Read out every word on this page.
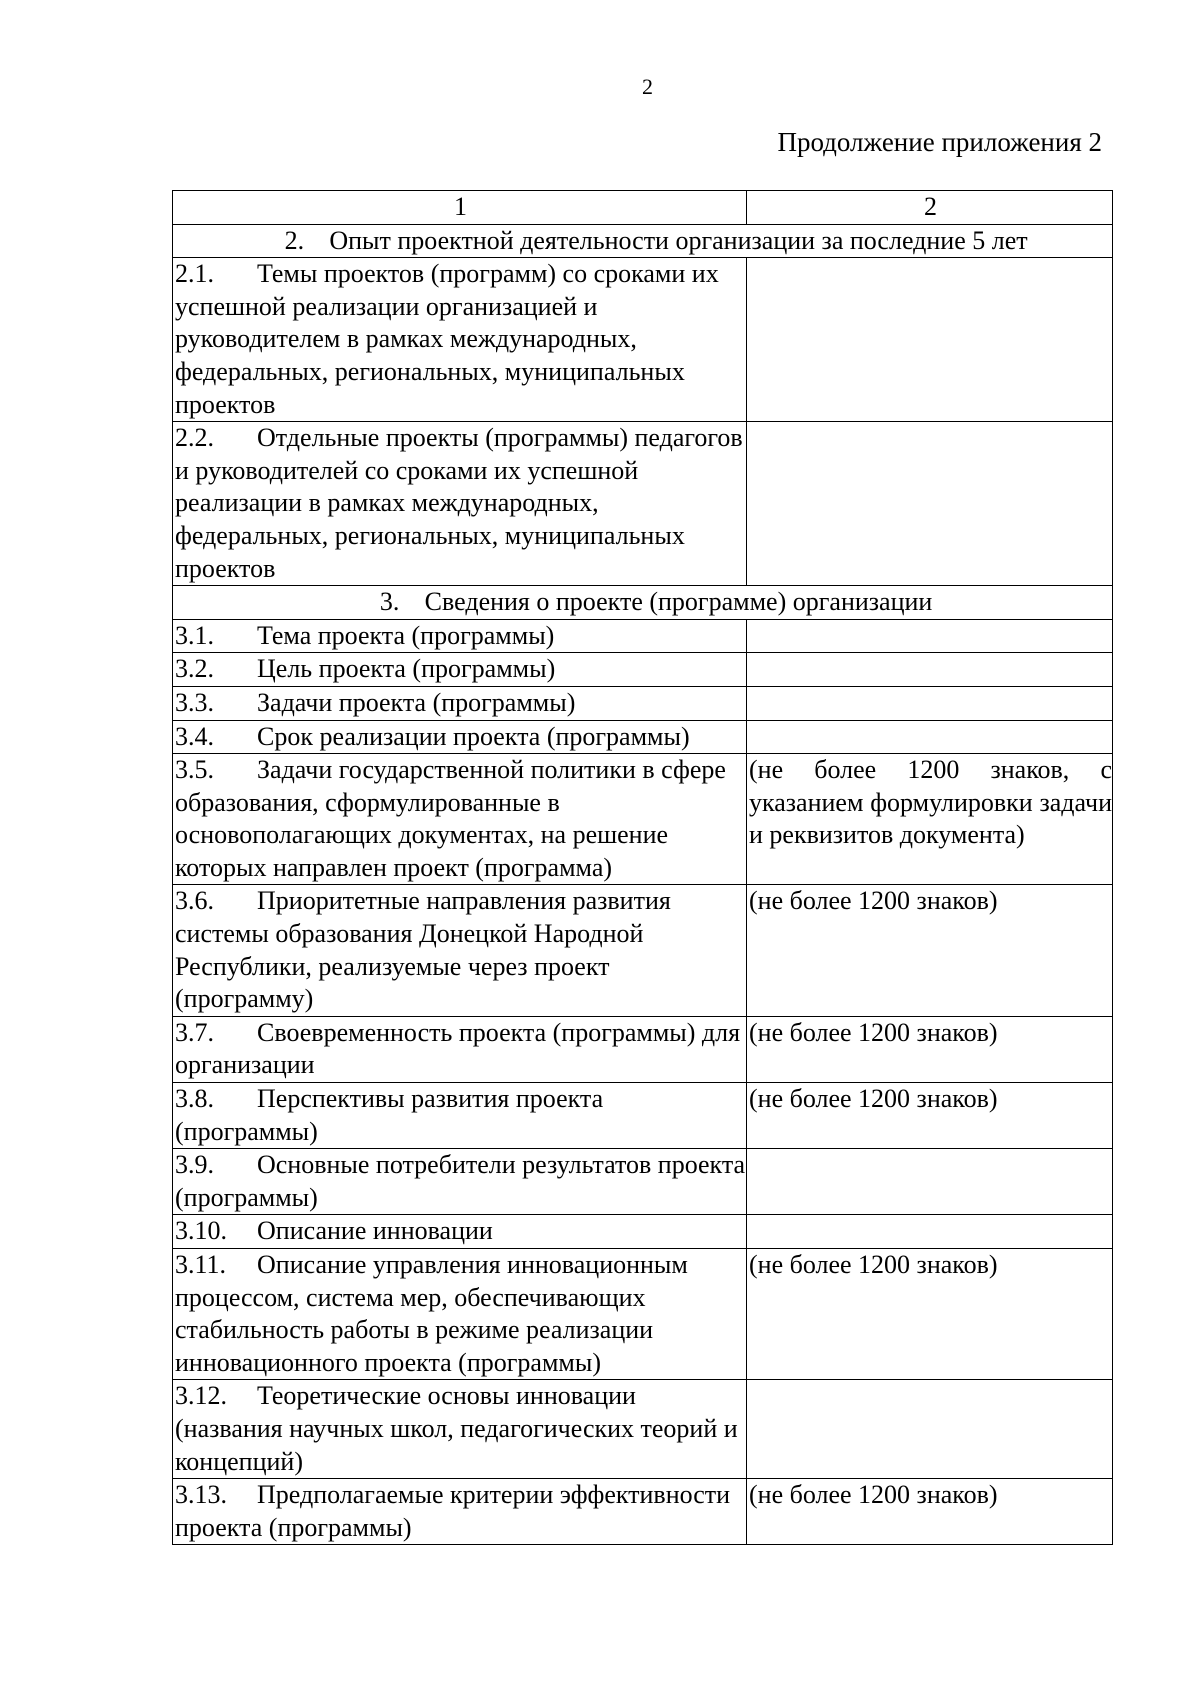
2
Продолжение приложения 2
1	2
2. Опыт проектной деятельности организации за последние 5 лет	
2.1. Темы проектов (программ) со сроками их успешной реализации организацией и руководителем в рамках международных, федеральных, региональных, муниципальных проектов	
2.2. Отдельные проекты (программы) педагогов и руководителей со сроками их успешной реализации в рамках международных, федеральных, региональных, муниципальных проектов	
3. Сведения о проекте (программе) организации	
3.1. Тема проекта (программы)	
3.2. Цель проекта (программы)	
3.3. Задачи проекта (программы)	
3.4. Срок реализации проекта (программы)	
3.5. Задачи государственной политики в сфере образования, сформулированные в основополагающих документах, на решение которых направлен проект (программа)	(не более 1200 знаков, с указанием формулировки задачи и реквизитов документа)
3.6. Приоритетные направления развития системы образования Донецкой Народной Республики, реализуемые через проект (программу)	(не более 1200 знаков)
3.7. Своевременность проекта (программы) для организации	(не более 1200 знаков)
3.8. Перспективы развития проекта (программы)	(не более 1200 знаков)
3.9. Основные потребители результатов проекта (программы)	
3.10. Описание инновации	
3.11. Описание управления инновационным процессом, система мер, обеспечивающих стабильность работы в режиме реализации инновационного проекта (программы)	(не более 1200 знаков)
3.12. Теоретические основы инновации (названия научных школ, педагогических теорий и концепций)	
3.13. Предполагаемые критерии эффективности проекта (программы)	(не более 1200 знаков)
